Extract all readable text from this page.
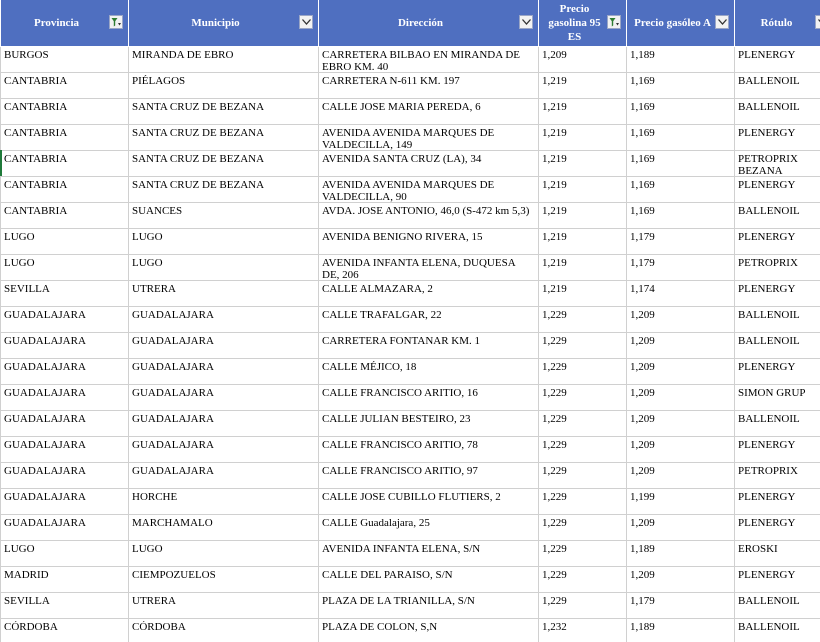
Provincia	Municipio	Dirección	Precio gasolina 95 ES	Precio gasóleo A	Rótulo

BURGOS	MIRANDA DE EBRO	CARRETERA BILBAO EN MIRANDA DE EBRO KM. 40	1,209	1,189	PLENERGY

CANTABRIA	PIÉLAGOS	CARRETERA N-611 KM. 197	1,219	1,169	BALLENOIL

CANTABRIA	SANTA CRUZ DE BEZANA	CALLE JOSE MARIA PEREDA, 6	1,219	1,169	BALLENOIL

CANTABRIA	SANTA CRUZ DE BEZANA	AVENIDA AVENIDA MARQUES DE VALDECILLA, 149	1,219	1,169	PLENERGY

CANTABRIA	SANTA CRUZ DE BEZANA	AVENIDA SANTA CRUZ (LA), 34	1,219	1,169	PETROPRIX BEZANA

CANTABRIA	SANTA CRUZ DE BEZANA	AVENIDA AVENIDA MARQUES DE VALDECILLA, 90	1,219	1,169	PLENERGY

CANTABRIA	SUANCES	AVDA. JOSE ANTONIO, 46,0 (S-472 km 5,3)	1,219	1,169	BALLENOIL

LUGO	LUGO	AVENIDA BENIGNO RIVERA, 15	1,219	1,179	PLENERGY

LUGO	LUGO	AVENIDA INFANTA ELENA, DUQUESA DE, 206	1,219	1,179	PETROPRIX

SEVILLA	UTRERA	CALLE ALMAZARA, 2	1,219	1,174	PLENERGY

GUADALAJARA	GUADALAJARA	CALLE TRAFALGAR, 22	1,229	1,209	BALLENOIL

GUADALAJARA	GUADALAJARA	CARRETERA FONTANAR KM. 1	1,229	1,209	BALLENOIL

GUADALAJARA	GUADALAJARA	CALLE MÉJICO, 18	1,229	1,209	PLENERGY

GUADALAJARA	GUADALAJARA	CALLE FRANCISCO ARITIO, 16	1,229	1,209	SIMON GRUP

GUADALAJARA	GUADALAJARA	CALLE JULIAN BESTEIRO, 23	1,229	1,209	BALLENOIL

GUADALAJARA	GUADALAJARA	CALLE FRANCISCO ARITIO, 78	1,229	1,209	PLENERGY

GUADALAJARA	GUADALAJARA	CALLE FRANCISCO ARITIO, 97	1,229	1,209	PETROPRIX

GUADALAJARA	HORCHE	CALLE JOSE CUBILLO FLUTIERS, 2	1,229	1,199	PLENERGY

GUADALAJARA	MARCHAMALO	CALLE Guadalajara, 25	1,229	1,209	PLENERGY

LUGO	LUGO	AVENIDA INFANTA ELENA, S/N	1,229	1,189	EROSKI

MADRID	CIEMPOZUELOS	CALLE DEL PARAISO, S/N	1,229	1,209	PLENERGY

SEVILLA	UTRERA	PLAZA DE LA TRIANILLA, S/N	1,229	1,179	BALLENOIL

CÓRDOBA	CÓRDOBA	PLAZA DE COLON, S,N	1,232	1,189	BALLENOIL
